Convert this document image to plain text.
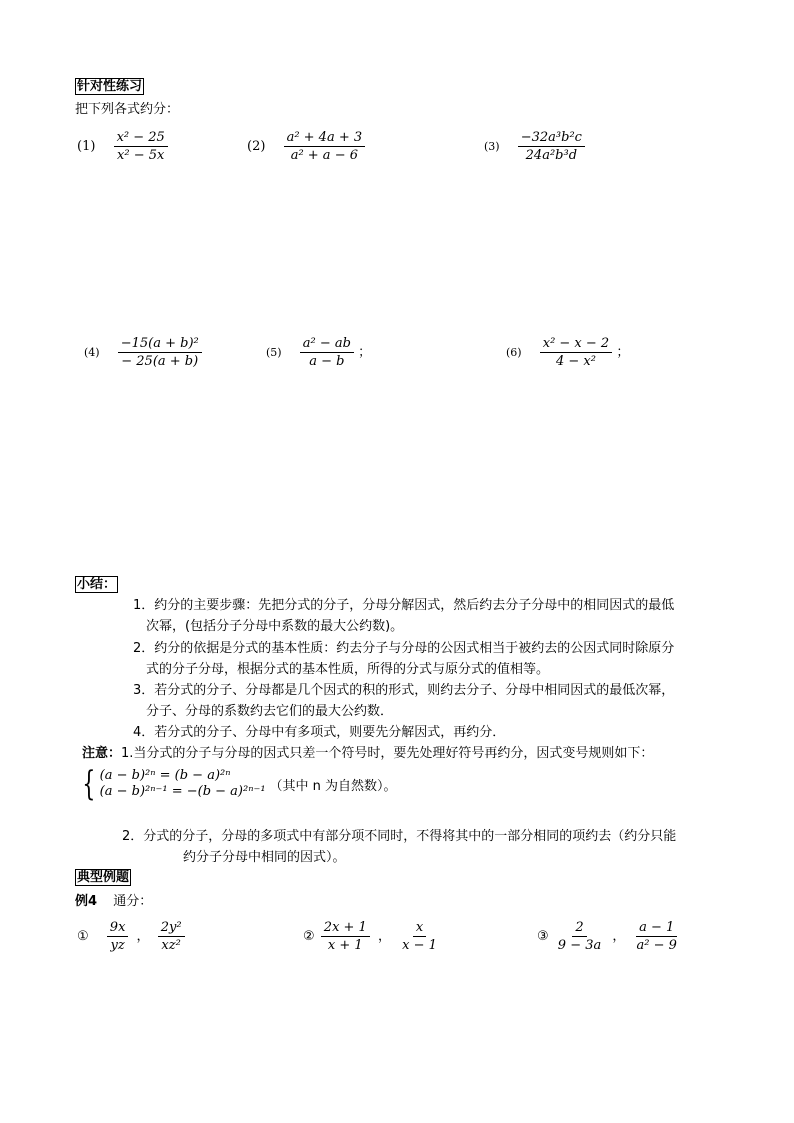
针对性练习
把下列各式约分：
$(1) \frac{\text{x² − 25}}{\text{x² − 5x}}$	$(2) \frac{\text{a² + 4a + 3}}{\text{a² + a − 6}}$	$(3) \frac{\text{−32a³b²c}}{\text{24a²b³d}}$
$(4) \frac{\text{−15(a + b)²}}{- 25(a + b)}$	$(5) \frac{\text{a² − ab}}{a - b}$ ；	$(6) \frac{\text{x² − x − 2}}{\text{4 − x²}}$ ；
小结：
1．约分的主要步骤：先把分式的分子，分母分解因式，然后约去分子分母中的相同因式的最低
次幂，(包括分子分母中系数的最大公约数)。
2．约分的依据是分式的基本性质：约去分子与分母的公因式相当于被约去的公因式同时除原分
式的分子分母，根据分式的基本性质，所得的分式与原分式的值相等。
3．若分式的分子、分母都是几个因式的积的形式，则约去分子、分母中相同因式的最低次幂，
分子、分母的系数约去它们的最大公约数．
4．若分式的分子、分母中有多项式，则要先分解因式，再约分．
注意：1.当分式的分子与分母的因式只差一个符号时，要先处理好符号再约分，因式变号规则如下：
{ (a − b)²ⁿ = (b − a)²ⁿ
(a − b)²ⁿ⁻¹ = −(b − a)²ⁿ⁻¹ （其中 n 为自然数）。
2．分式的分子，分母的多项式中有部分项不同时，不得将其中的一部分相同的项约去（约分只能
约分子分母中相同的因式）。
典型例题
例4 通分：
① $\frac{9x}{yz}$ ， $\frac{\text{2y²}}{\text{xz²}}$	② $\frac{2x + 1}{x + 1}$ ， $\frac{x}{x - 1}$	③ $\frac{2}{9 - 3a}$ ， $\frac{a - 1}{\text{a² − 9}}$
